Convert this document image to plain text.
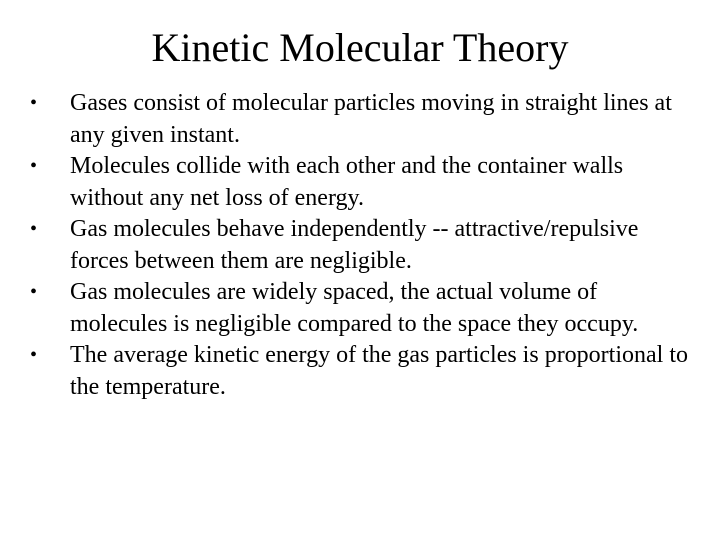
Kinetic Molecular Theory
•	Gases consist of molecular particles moving in straight lines at any given instant.
•	Molecules collide with each other and the container walls without any net loss of energy.
•	Gas molecules behave independently -- attractive/repulsive forces between them are negligible.
•	Gas molecules are widely spaced, the actual volume of molecules is negligible compared to the space they occupy.
•	The average kinetic energy of the gas particles is proportional to the temperature.
